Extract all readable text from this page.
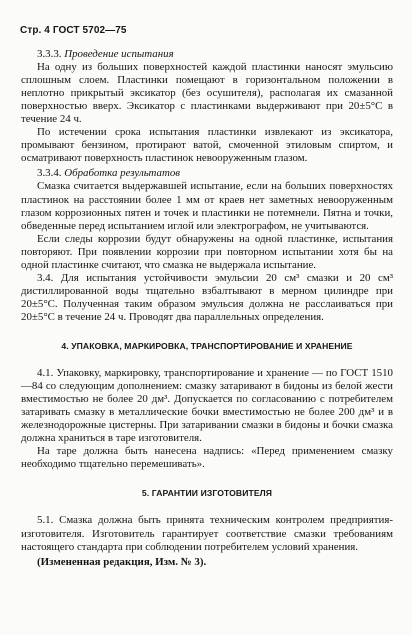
Стр. 4 ГОСТ 5702—75

3.3.3. Проведение испытания

На одну из больших поверхностей каждой пластинки наносят эмульсию сплошным слоем. Пластинки помещают в горизонтальном положении в неплотно прикрытый эксикатор (без осушителя), располагая их смазанной поверхностью вверх. Эксикатор с пластинками выдерживают при 20±5°С в течение 24 ч.

По истечении срока испытания пластинки извлекают из эксикатора, промывают бензином, протирают ватой, смоченной этиловым спиртом, и осматривают поверхность пластинок невооруженным глазом.

3.3.4. Обработка результатов

Смазка считается выдержавшей испытание, если на больших поверхностях пластинок на расстоянии более 1 мм от краев нет заметных невооруженным глазом коррозионных пятен и точек и пластинки не потемнели. Пятна и точки, обведенные перед испытанием иглой или электрографом, не учитываются.

Если следы коррозии будут обнаружены на одной пластинке, испытания повторяют. При появлении коррозии при повторном испытании хотя бы на одной пластинке считают, что смазка не выдержала испытание.

3.4. Для испытания устойчивости эмульсии 20 см³ смазки и 20 см³ дистиллированной воды тщательно взбалтывают в мерном цилиндре при 20±5°С. Полученная таким образом эмульсия должна не расслаиваться при 20±5°С в течение 24 ч. Проводят два параллельных определения.

4. УПАКОВКА, МАРКИРОВКА, ТРАНСПОРТИРОВАНИЕ И ХРАНЕНИЕ

4.1. Упаковку, маркировку, транспортирование и хранение — по ГОСТ 1510—84 со следующим дополнением: смазку затаривают в бидоны из белой жести вместимостью не более 20 дм³. Допускается по согласованию с потребителем затаривать смазку в металлические бочки вместимостью не более 200 дм³ и в железнодорожные цистерны. При затаривании смазки в бидоны и бочки смазка должна храниться в таре изготовителя.

На таре должна быть нанесена надпись: «Перед применением смазку необходимо тщательно перемешивать».

5. ГАРАНТИИ ИЗГОТОВИТЕЛЯ

5.1. Смазка должна быть принята техническим контролем предприятия-изготовителя. Изготовитель гарантирует соответствие смазки требованиям настоящего стандарта при соблюдении потребителем условий хранения.

(Измененная редакция, Изм. № 3).
